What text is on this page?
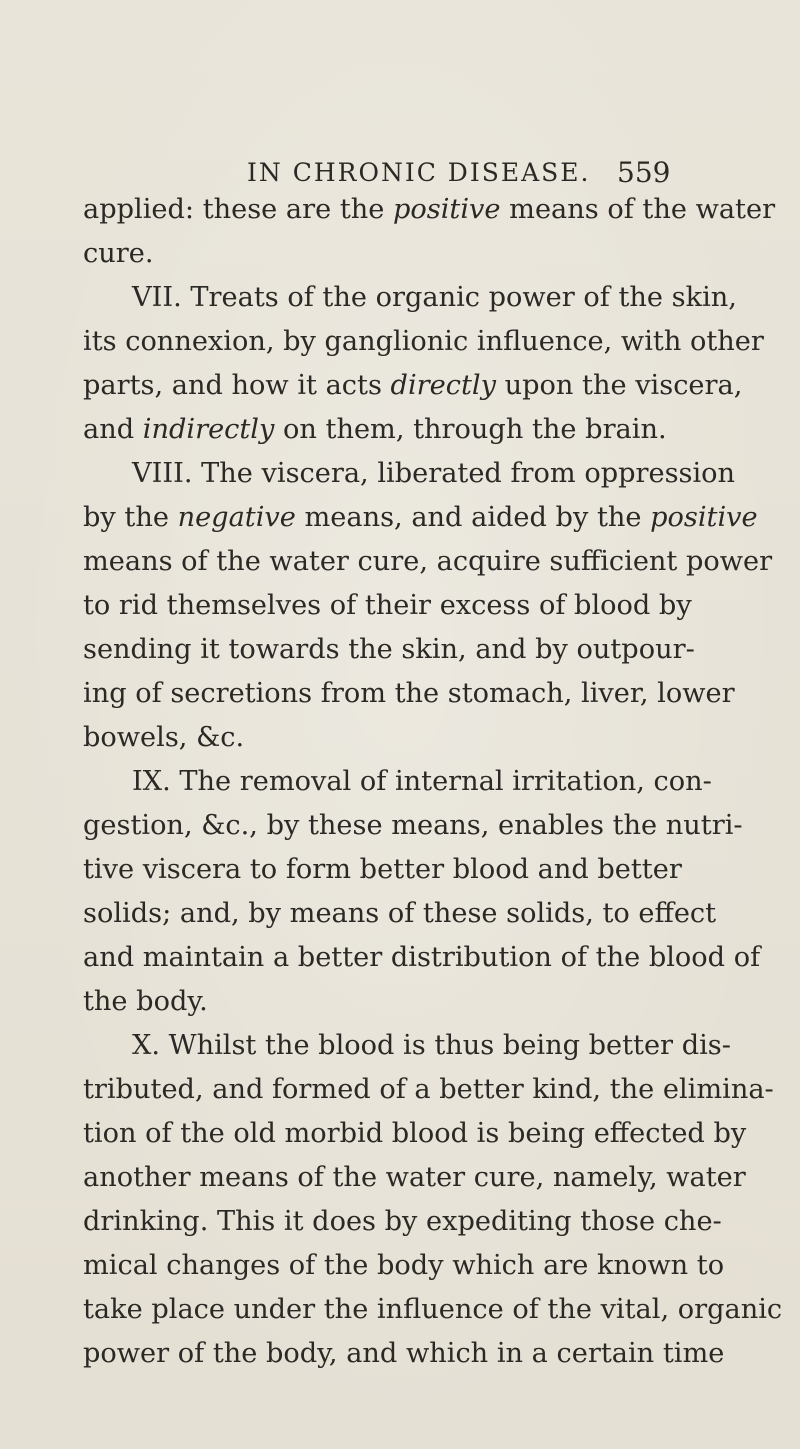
IN CHRONIC DISEASE. 559
applied: these are the positive means of the water
cure.
VII. Treats of the organic power of the skin,
its connexion, by ganglionic influence, with other
parts, and how it acts directly upon the viscera,
and indirectly on them, through the brain.
VIII. The viscera, liberated from oppression
by the negative means, and aided by the positive
means of the water cure, acquire sufficient power
to rid themselves of their excess of blood by
sending it towards the skin, and by outpour-
ing of secretions from the stomach, liver, lower
bowels, &c.
IX. The removal of internal irritation, con-
gestion, &c., by these means, enables the nutri-
tive viscera to form better blood and better
solids; and, by means of these solids, to effect
and maintain a better distribution of the blood of
the body.
X. Whilst the blood is thus being better dis-
tributed, and formed of a better kind, the elimina-
tion of the old morbid blood is being effected by
another means of the water cure, namely, water
drinking. This it does by expediting those che-
mical changes of the body which are known to
take place under the influence of the vital, organic
power of the body, and which in a certain time
